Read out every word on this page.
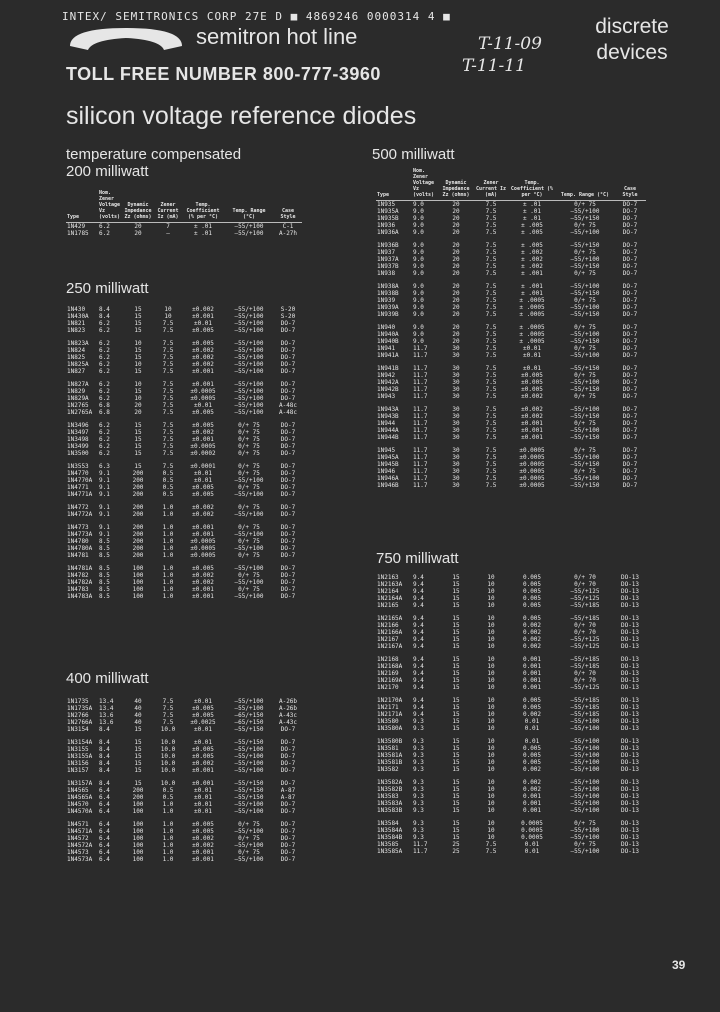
INTEX/ SEMITRONICS CORP 27E D ■ 4869246 0000314 4 ■
semitron hot line	discrete devices
TOLL FREE NUMBER 800-777-3960
T-11-09
T-11-11
silicon voltage reference diodes
temperature compensated
200 milliwatt
Type	Nom. Zener Voltage Vz (volts)	Dynamic Impedance Zz (ohms)	Zener Current Iz (mA)	Temp. Coefficient (% per °C)	Temp. Range (°C)	Case Style
1N429	6.2	20	7	± .01	—55/+100	C-1
1N1785	6.2	20	—	± .01	—55/+100	A-27h
250 milliwatt
1N430	8.4	15	10	±0.002	—55/+100	S-20
1N430A	8.4	15	10	±0.001	—55/+100	S-20
1N821	6.2	15	7.5	±0.01	—55/+100	DO-7
1N823	6.2	15	7.5	±0.005	—55/+100	DO-7
1N823A	6.2	10	7.5	±0.005	—55/+100	DO-7
1N824	6.2	15	7.5	±0.002	—55/+100	DO-7
1N825	6.2	15	7.5	±0.002	—55/+100	DO-7
1N825A	6.2	10	7.5	±0.002	—55/+100	DO-7
1N827	6.2	15	7.5	±0.001	—55/+100	DO-7
1N827A	6.2	10	7.5	±0.001	—55/+100	DO-7
1N829	6.2	15	7.5	±0.0005	—55/+100	DO-7
1N829A	6.2	10	7.5	±0.0005	—55/+100	DO-7
1N2765	6.8	20	7.5	±0.01	—55/+100	A-48c
1N2765A	6.8	20	7.5	±0.005	—55/+100	A-48c
1N3496	6.2	15	7.5	±0.005	0/+ 75	DO-7
1N3497	6.2	15	7.5	±0.002	0/+ 75	DO-7
1N3498	6.2	15	7.5	±0.001	0/+ 75	DO-7
1N3499	6.2	15	7.5	±0.0005	0/+ 75	DO-7
1N3500	6.2	15	7.5	±0.0002	0/+ 75	DO-7
1N3553	6.3	15	7.5	±0.0001	0/+ 75	DO-7
1N4770	9.1	200	0.5	±0.01	0/+ 75	DO-7
1N4770A	9.1	200	0.5	±0.01	—55/+100	DO-7
1N4771	9.1	200	0.5	±0.005	0/+ 75	DO-7
1N4771A	9.1	200	0.5	±0.005	—55/+100	DO-7
1N4772	9.1	200	1.0	±0.002	0/+ 75	DO-7
1N4772A	9.1	200	1.0	±0.002	—55/+100	DO-7
1N4773	9.1	200	1.0	±0.001	0/+ 75	DO-7
1N4773A	9.1	200	1.0	±0.001	—55/+100	DO-7
1N4780	8.5	200	1.0	±0.0005	0/+ 75	DO-7
1N4780A	8.5	200	1.0	±0.0005	—55/+100	DO-7
1N4781	8.5	200	1.0	±0.0005	0/+ 75	DO-7
1N4781A	8.5	100	1.0	±0.005	—55/+100	DO-7
1N4782	8.5	100	1.0	±0.002	0/+ 75	DO-7
1N4782A	8.5	100	1.0	±0.002	—55/+100	DO-7
1N4783	8.5	100	1.0	±0.001	0/+ 75	DO-7
1N4783A	8.5	100	1.0	±0.001	—55/+100	DO-7
400 milliwatt
1N1735	13.4	40	7.5	±0.01	—55/+100	A-26b
1N1735A	13.4	40	7.5	±0.005	—55/+100	A-26b
1N2766	13.6	40	7.5	±0.005	—65/+150	A-43c
1N2766A	13.6	40	7.5	±0.0025	—65/+150	A-43c
1N3154	8.4	15	10.0	±0.01	—55/+150	DO-7
1N3154A	8.4	15	10.0	±0.01	—55/+150	DO-7
1N3155	8.4	15	10.0	±0.005	—55/+100	DO-7
1N3155A	8.4	15	10.0	±0.005	—55/+100	DO-7
1N3156	8.4	15	10.0	±0.002	—55/+100	DO-7
1N3157	8.4	15	10.0	±0.001	—55/+100	DO-7
1N3157A	8.4	15	10.0	±0.001	—55/+150	DO-7
1N4565	6.4	200	0.5	±0.01	—55/+150	A-87
1N4565A	6.4	200	0.5	±0.01	—55/+150	A-87
1N4570	6.4	100	1.0	±0.01	—55/+100	DO-7
1N4570A	6.4	100	1.0	±0.01	—55/+100	DO-7
1N4571	6.4	100	1.0	±0.005	0/+ 75	DO-7
1N4571A	6.4	100	1.0	±0.005	—55/+100	DO-7
1N4572	6.4	100	1.0	±0.002	0/+ 75	DO-7
1N4572A	6.4	100	1.0	±0.002	—55/+100	DO-7
1N4573	6.4	100	1.0	±0.001	0/+ 75	DO-7
1N4573A	6.4	100	1.0	±0.001	—55/+100	DO-7
500 milliwatt
Type	Nom. Zener Voltage Vz (volts)	Dynamic Impedance Zz (ohms)	Zener Current Iz (mA)	Temp. Coefficient (% per °C)	Temp. Range (°C)	Case Style
1N935	9.0	20	7.5	± .01	0/+ 75	DO-7
1N935A	9.0	20	7.5	± .01	—55/+100	DO-7
1N935B	9.0	20	7.5	± .01	—55/+150	DO-7
1N936	9.0	20	7.5	± .005	0/+ 75	DO-7
1N936A	9.0	20	7.5	± .005	—55/+100	DO-7
1N936B	9.0	20	7.5	± .005	—55/+150	DO-7
1N937	9.0	20	7.5	± .002	0/+ 75	DO-7
1N937A	9.0	20	7.5	± .002	—55/+100	DO-7
1N937B	9.0	20	7.5	± .002	—55/+150	DO-7
1N938	9.0	20	7.5	± .001	0/+ 75	DO-7
1N938A	9.0	20	7.5	± .001	—55/+100	DO-7
1N938B	9.0	20	7.5	± .001	—55/+150	DO-7
1N939	9.0	20	7.5	± .0005	0/+ 75	DO-7
1N939A	9.0	20	7.5	± .0005	—55/+100	DO-7
1N939B	9.0	20	7.5	± .0005	—55/+150	DO-7
1N940	9.0	20	7.5	± .0005	0/+ 75	DO-7
1N940A	9.0	20	7.5	± .0005	—55/+100	DO-7
1N940B	9.0	20	7.5	± .0005	—55/+150	DO-7
1N941	11.7	30	7.5	±0.01	0/+ 75	DO-7
1N941A	11.7	30	7.5	±0.01	—55/+100	DO-7
1N941B	11.7	30	7.5	±0.01	—55/+150	DO-7
1N942	11.7	30	7.5	±0.005	0/+ 75	DO-7
1N942A	11.7	30	7.5	±0.005	—55/+100	DO-7
1N942B	11.7	30	7.5	±0.005	—55/+150	DO-7
1N943	11.7	30	7.5	±0.002	0/+ 75	DO-7
1N943A	11.7	30	7.5	±0.002	—55/+100	DO-7
1N943B	11.7	30	7.5	±0.002	—55/+150	DO-7
1N944	11.7	30	7.5	±0.001	0/+ 75	DO-7
1N944A	11.7	30	7.5	±0.001	—55/+100	DO-7
1N944B	11.7	30	7.5	±0.001	—55/+150	DO-7
1N945	11.7	30	7.5	±0.0005	0/+ 75	DO-7
1N945A	11.7	30	7.5	±0.0005	—55/+100	DO-7
1N945B	11.7	30	7.5	±0.0005	—55/+150	DO-7
1N946	11.7	30	7.5	±0.0005	0/+ 75	DO-7
1N946A	11.7	30	7.5	±0.0005	—55/+100	DO-7
1N946B	11.7	30	7.5	±0.0005	—55/+150	DO-7
750 milliwatt
1N2163	9.4	15	10	0.005	0/+ 70	DO-13
1N2163A	9.4	15	10	0.005	0/+ 70	DO-13
1N2164	9.4	15	10	0.005	—55/+125	DO-13
1N2164A	9.4	15	10	0.005	—55/+125	DO-13
1N2165	9.4	15	10	0.005	—55/+185	DO-13
1N2165A	9.4	15	10	0.005	—55/+185	DO-13
1N2166	9.4	15	10	0.002	0/+ 70	DO-13
1N2166A	9.4	15	10	0.002	0/+ 70	DO-13
1N2167	9.4	15	10	0.002	—55/+125	DO-13
1N2167A	9.4	15	10	0.002	—55/+125	DO-13
1N2168	9.4	15	10	0.001	—55/+185	DO-13
1N2168A	9.4	15	10	0.001	—55/+185	DO-13
1N2169	9.4	15	10	0.001	0/+ 70	DO-13
1N2169A	9.4	15	10	0.001	0/+ 70	DO-13
1N2170	9.4	15	10	0.001	—55/+125	DO-13
1N2170A	9.4	15	10	0.005	—55/+185	DO-13
1N2171	9.4	15	10	0.005	—55/+185	DO-13
1N2171A	9.4	15	10	0.002	—55/+185	DO-13
1N3580	9.3	15	10	0.01	—55/+100	DO-13
1N3580A	9.3	15	10	0.01	—55/+100	DO-13
1N3580B	9.3	15	10	0.01	—55/+100	DO-13
1N3581	9.3	15	10	0.005	—55/+100	DO-13
1N3581A	9.3	15	10	0.005	—55/+100	DO-13
1N3581B	9.3	15	10	0.005	—55/+100	DO-13
1N3582	9.3	15	10	0.002	—55/+100	DO-13
1N3582A	9.3	15	10	0.002	—55/+100	DO-13
1N3582B	9.3	15	10	0.002	—55/+100	DO-13
1N3583	9.3	15	10	0.001	—55/+100	DO-13
1N3583A	9.3	15	10	0.001	—55/+100	DO-13
1N3583B	9.3	15	10	0.001	—55/+100	DO-13
1N3584	9.3	15	10	0.0005	0/+ 75	DO-13
1N3584A	9.3	15	10	0.0005	—55/+100	DO-13
1N3584B	9.3	15	10	0.0005	—55/+100	DO-13
1N3585	11.7	25	7.5	0.01	0/+ 75	DO-13
1N3585A	11.7	25	7.5	0.01	—55/+100	DO-13
39
